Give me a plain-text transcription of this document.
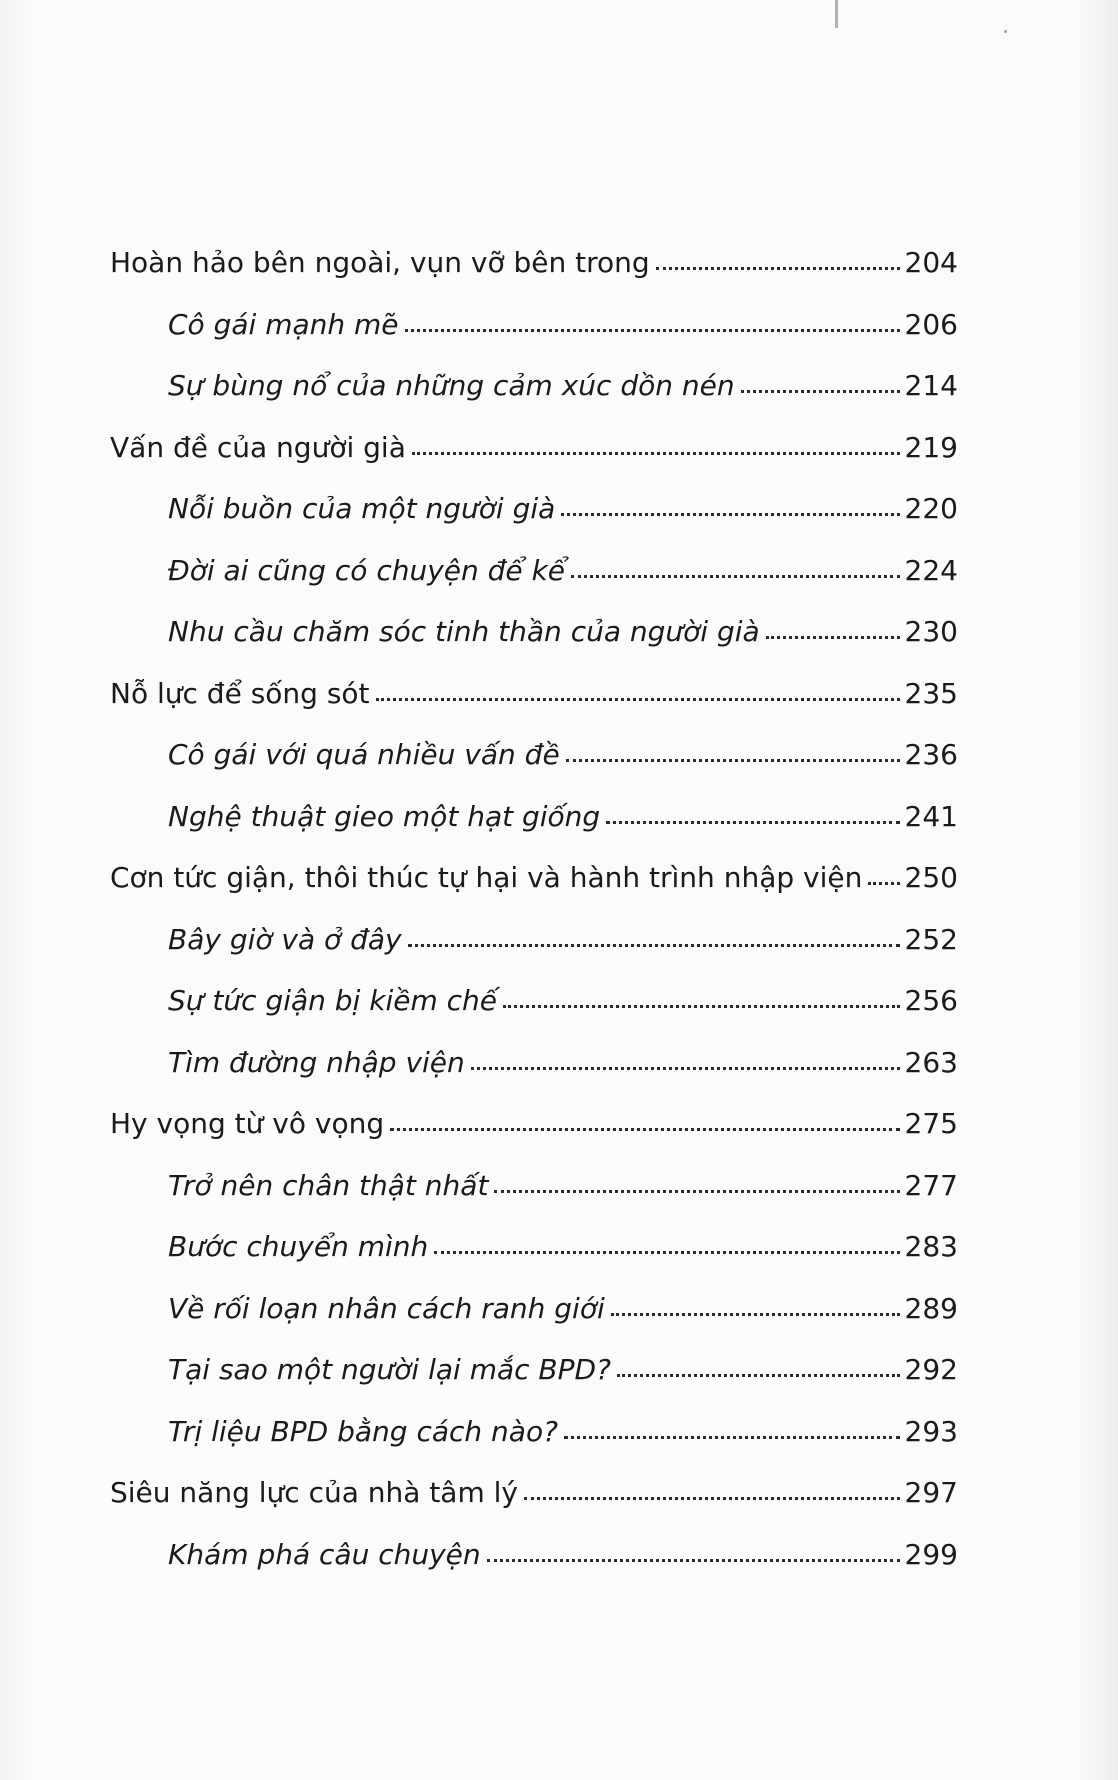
Hoàn hảo bên ngoài, vụn vỡ bên trong	204
Cô gái mạnh mẽ	206
Sự bùng nổ của những cảm xúc dồn nén	214
Vấn đề của người già	219
Nỗi buồn của một người già	220
Đời ai cũng có chuyện để kể	224
Nhu cầu chăm sóc tinh thần của người già	230
Nỗ lực để sống sót	235
Cô gái với quá nhiều vấn đề	236
Nghệ thuật gieo một hạt giống	241
Cơn tức giận, thôi thúc tự hại và hành trình nhập viện 250
Bây giờ và ở đây	252
Sự tức giận bị kiềm chế	256
Tìm đường nhập viện	263
Hy vọng từ vô vọng	275
Trở nên chân thật nhất	277
Bước chuyển mình	283
Về rối loạn nhân cách ranh giới	289
Tại sao một người lại mắc BPD?	292
Trị liệu BPD bằng cách nào?	293
Siêu năng lực của nhà tâm lý	297
Khám phá câu chuyện	299
